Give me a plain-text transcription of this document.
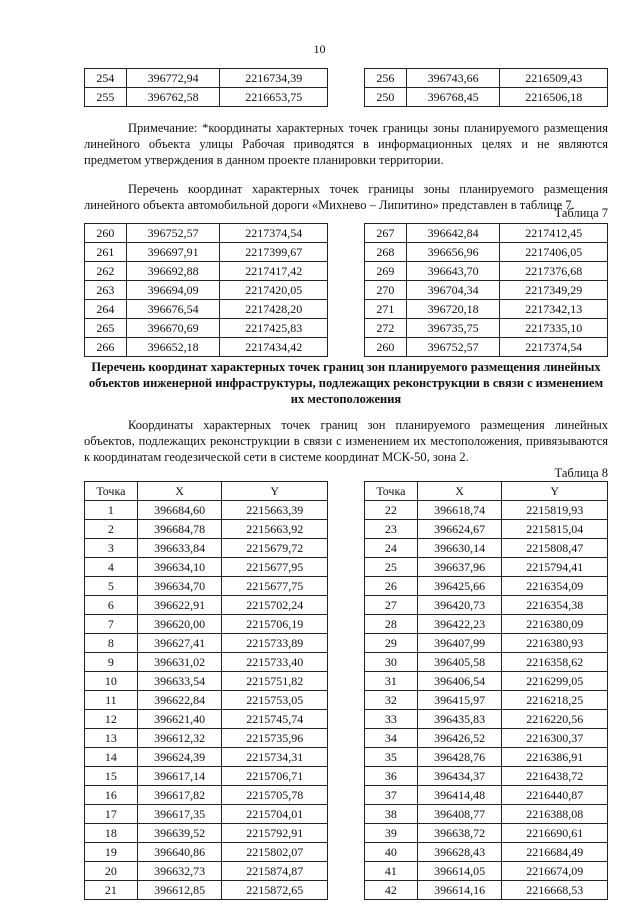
10
254	396772,94	2216734,39
255	396762,58	2216653,75
256	396743,66	2216509,43
250	396768,45	2216506,18

Примечание: *координаты характерных точек границы зоны планируемого размещения линейного объекта улицы Рабочая приводятся в информационных целях и не являются предметом утверждения в данном проекте планировки территории.

Перечень координат характерных точек границы зоны планируемого размещения линейного объекта автомобильной дороги «Михнево – Липитино» представлен в таблице 7.

Таблица 7
260	396752,57	2217374,54
261	396697,91	2217399,67
262	396692,88	2217417,42
263	396694,09	2217420,05
264	396676,54	2217428,20
265	396670,69	2217425,83
266	396652,18	2217434,42
267	396642,84	2217412,45
268	396656,96	2217406,05
269	396643,70	2217376,68
270	396704,34	2217349,29
271	396720,18	2217342,13
272	396735,75	2217335,10
260	396752,57	2217374,54

Перечень координат характерных точек границ зон планируемого размещения линейных объектов инженерной инфраструктуры, подлежащих реконструкции в связи с изменением их местоположения

Координаты характерных точек границ зон планируемого размещения линейных объектов, подлежащих реконструкции в связи с изменением их местоположения, привязываются к координатам геодезической сети в системе координат МСК-50, зона 2.

Таблица 8
Точка	X	Y
1	396684,60	2215663,39
2	396684,78	2215663,92
3	396633,84	2215679,72
4	396634,10	2215677,95
5	396634,70	2215677,75
6	396622,91	2215702,24
7	396620,00	2215706,19
8	396627,41	2215733,89
9	396631,02	2215733,40
10	396633,54	2215751,82
11	396622,84	2215753,05
12	396621,40	2215745,74
13	396612,32	2215735,96
14	396624,39	2215734,31
15	396617,14	2215706,71
16	396617,82	2215705,78
17	396617,35	2215704,01
18	396639,52	2215792,91
19	396640,86	2215802,07
20	396632,73	2215874,87
21	396612,85	2215872,65
Точка	X	Y
22	396618,74	2215819,93
23	396624,67	2215815,04
24	396630,14	2215808,47
25	396637,96	2215794,41
26	396425,66	2216354,09
27	396420,73	2216354,38
28	396422,23	2216380,09
29	396407,99	2216380,93
30	396405,58	2216358,62
31	396406,54	2216299,05
32	396415,97	2216218,25
33	396435,83	2216220,56
34	396426,52	2216300,37
35	396428,76	2216386,91
36	396434,37	2216438,72
37	396414,48	2216440,87
38	396408,77	2216388,08
39	396638,72	2216690,61
40	396628,43	2216684,49
41	396614,05	2216674,09
42	396614,16	2216668,53
